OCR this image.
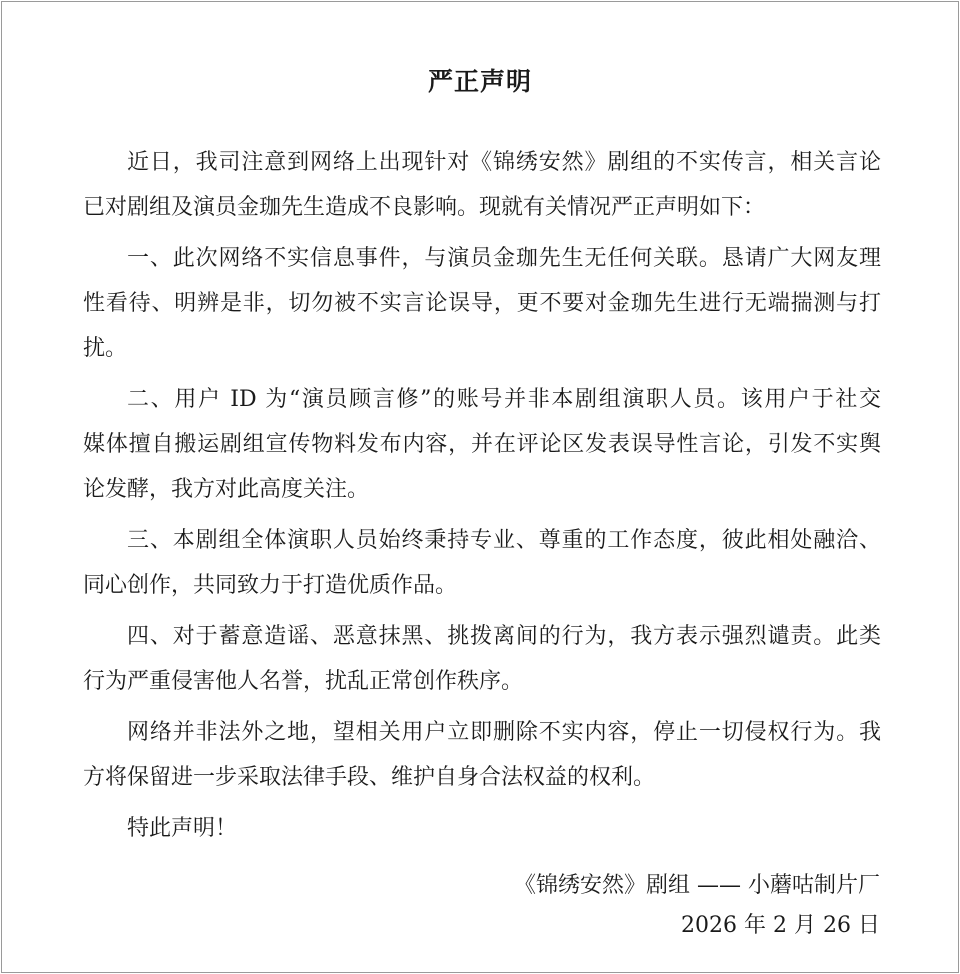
严正声明
近日，我司注意到网络上出现针对《锦绣安然》剧组的不实传言，相关言论
已对剧组及演员金珈先生造成不良影响。现就有关情况严正声明如下：
一、此次网络不实信息事件，与演员金珈先生无任何关联。恳请广大网友理
性看待、明辨是非，切勿被不实言论误导，更不要对金珈先生进行无端揣测与打
扰。
二、用户 ID 为“演员顾言修”的账号并非本剧组演职人员。该用户于社交
媒体擅自搬运剧组宣传物料发布内容，并在评论区发表误导性言论，引发不实舆
论发酵，我方对此高度关注。
三、本剧组全体演职人员始终秉持专业、尊重的工作态度，彼此相处融洽、
同心创作，共同致力于打造优质作品。
四、对于蓄意造谣、恶意抹黑、挑拨离间的行为，我方表示强烈谴责。此类
行为严重侵害他人名誉，扰乱正常创作秩序。
网络并非法外之地，望相关用户立即删除不实内容，停止一切侵权行为。我
方将保留进一步采取法律手段、维护自身合法权益的权利。
特此声明！
《锦绣安然》剧组 —— 小蘑咕制片厂
2026 年 2 月 26 日
